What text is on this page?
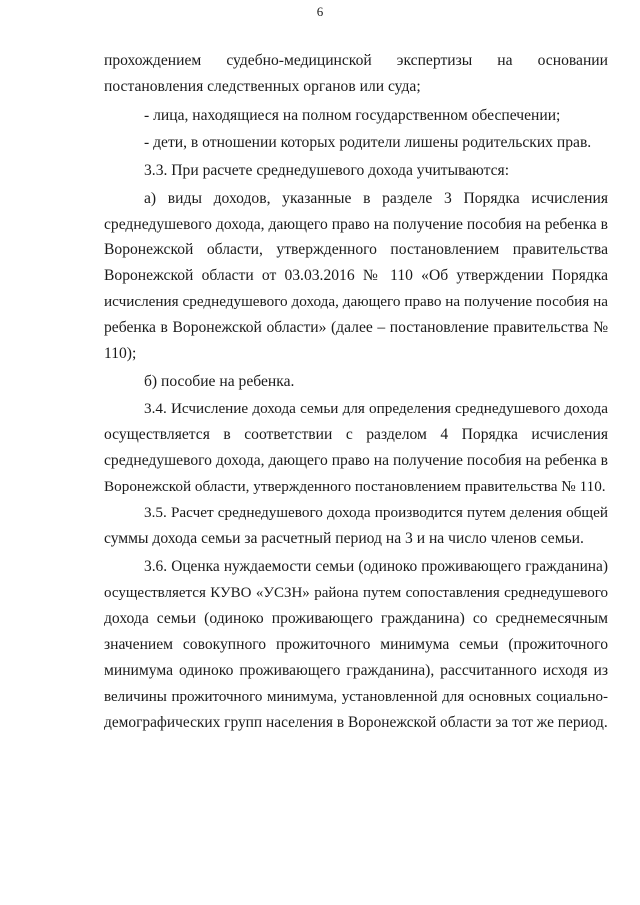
6
прохождением судебно-медицинской экспертизы на основании
постановления следственных органов или суда;
- лица, находящиеся на полном государственном обеспечении;
- дети, в отношении которых родители лишены родительских прав.
3.3. При расчете среднедушевого дохода учитываются:
а) виды доходов, указанные в разделе 3 Порядка исчисления
среднедушевого дохода, дающего право на получение пособия на ребенка в
Воронежской области, утвержденного постановлением правительства
Воронежской области от 03.03.2016 № 110 «Об утверждении Порядка
исчисления среднедушевого дохода, дающего право на получение пособия на
ребенка в Воронежской области» (далее – постановление правительства №
110);
б) пособие на ребенка.
3.4. Исчисление дохода семьи для определения среднедушевого дохода
осуществляется в соответствии с разделом 4 Порядка исчисления
среднедушевого дохода, дающего право на получение пособия на ребенка в
Воронежской области, утвержденного постановлением правительства № 110.
3.5. Расчет среднедушевого дохода производится путем деления общей
суммы дохода семьи за расчетный период на 3 и на число членов семьи.
3.6. Оценка нуждаемости семьи (одиноко проживающего гражданина)
осуществляется КУВО «УСЗН» района путем сопоставления среднедушевого
дохода семьи (одиноко проживающего гражданина) со среднемесячным
значением совокупного прожиточного минимума семьи (прожиточного
минимума одиноко проживающего гражданина), рассчитанного исходя из
величины прожиточного минимума, установленной для основных социально-
демографических групп населения в Воронежской области за тот же период.
